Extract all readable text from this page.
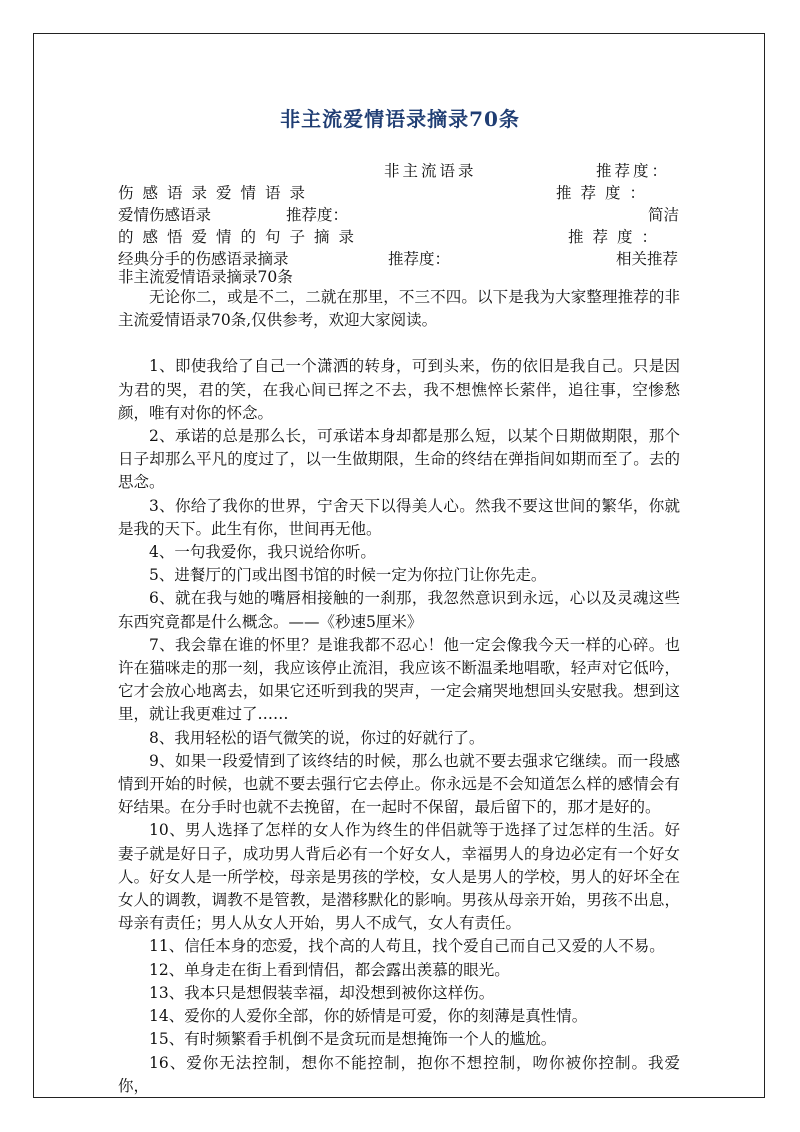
非主流爱情语录摘录70条
非主流语录	推荐度：
伤感语录爱情语录	推荐度：
爱情伤感语录	推荐度：	简洁
的感悟爱情的句子摘录	推荐度：
经典分手的伤感语录摘录	推荐度：	相关推荐
非主流爱情语录摘录70条

无论你二，或是不二，二就在那里，不三不四。以下是我为大家整理推荐的非主流爱情语录70条,仅供参考，欢迎大家阅读。

1、即使我给了自己一个潇洒的转身，可到头来，伤的依旧是我自己。只是因为君的哭，君的笑，在我心间已挥之不去，我不想憔悴长萦伴，追往事，空惨愁颜，唯有对你的怀念。

2、承诺的总是那么长，可承诺本身却都是那么短，以某个日期做期限，那个日子却那么平凡的度过了，以一生做期限，生命的终结在弹指间如期而至了。去的思念。

3、你给了我你的世界，宁舍天下以得美人心。然我不要这世间的繁华，你就是我的天下。此生有你，世间再无他。

4、一句我爱你，我只说给你听。

5、进餐厅的门或出图书馆的时候一定为你拉门让你先走。

6、就在我与她的嘴唇相接触的一刹那，我忽然意识到永远，心以及灵魂这些东西究竟都是什么概念。——《秒速5厘米》

7、我会靠在谁的怀里？是谁我都不忍心！他一定会像我今天一样的心碎。也许在猫咪走的那一刻，我应该停止流泪，我应该不断温柔地唱歌，轻声对它低吟，它才会放心地离去，如果它还听到我的哭声，一定会痛哭地想回头安慰我。想到这里，就让我更难过了……

8、我用轻松的语气微笑的说，你过的好就行了。

9、如果一段爱情到了该终结的时候，那么也就不要去强求它继续。而一段感情到开始的时候，也就不要去强行它去停止。你永远是不会知道怎么样的感情会有好结果。在分手时也就不去挽留，在一起时不保留，最后留下的，那才是好的。

10、男人选择了怎样的女人作为终生的伴侣就等于选择了过怎样的生活。好妻子就是好日子，成功男人背后必有一个好女人，幸福男人的身边必定有一个好女人。好女人是一所学校，母亲是男孩的学校，女人是男人的学校，男人的好坏全在女人的调教，调教不是管教，是潜移默化的影响。男孩从母亲开始，男孩不出息，母亲有责任；男人从女人开始，男人不成气，女人有责任。

11、信任本身的恋爱，找个高的人苟且，找个爱自己而自己又爱的人不易。

12、单身走在街上看到情侣，都会露出羡慕的眼光。

13、我本只是想假装幸福，却没想到被你这样伤。

14、爱你的人爱你全部，你的娇情是可爱，你的刻薄是真性情。

15、有时频繁看手机倒不是贪玩而是想掩饰一个人的尴尬。

16、爱你无法控制，想你不能控制，抱你不想控制，吻你被你控制。我爱你，
